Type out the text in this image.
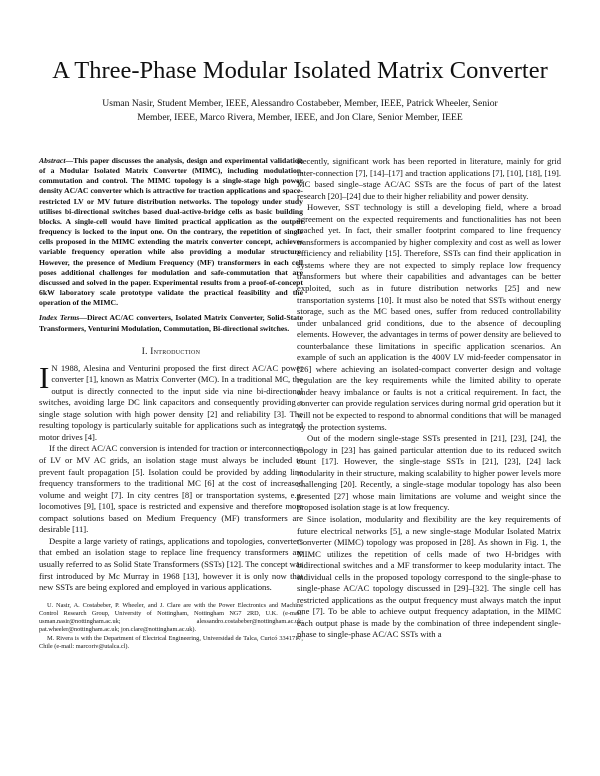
A Three-Phase Modular Isolated Matrix Converter
Usman Nasir, Student Member, IEEE, Alessandro Costabeber, Member, IEEE, Patrick Wheeler, Senior Member, IEEE, Marco Rivera, Member, IEEE, and Jon Clare, Senior Member, IEEE

Abstract—This paper discusses the analysis, design and experimental validation of a Modular Isolated Matrix Converter (MIMC), including modulation, commutation and control. The MIMC topology is a single-stage high power density AC/AC converter which is attractive for traction applications and space-restricted LV or MV future distribution networks. The topology under study utilises bi-directional switches based dual-active-bridge cells as basic building blocks. A single-cell would have limited practical application as the output frequency is locked to the input one. On the contrary, the repetition of single cells proposed in the MIMC extending the matrix converter concept, achieves variable frequency operation while also providing a modular structure. However, the presence of Medium Frequency (MF) transformers in each cell poses additional challenges for modulation and safe-commutation that are discussed and solved in the paper. Experimental results from a proof-of-concept 6kW laboratory scale prototype validate the practical feasibility and the operation of the MIMC.

Index Terms—Direct AC/AC converters, Isolated Matrix Converter, Solid-State Transformers, Venturini Modulation, Commutation, Bi-directional switches.

I. Introduction

I N 1988, Alesina and Venturini proposed the first direct AC/AC power converter [1], known as Matrix Converter (MC). In a traditional MC, the output is directly connected to the input side via nine bi-directional switches, avoiding large DC link capacitors and consequently providing a single stage solution with high power density [2] and reliability [3]. The resulting topology is particularly suitable for applications such as integrated motor drives [4].

If the direct AC/AC conversion is intended for traction or interconnection of LV or MV AC grids, an isolation stage must always be included to prevent fault propagation [5]. Isolation could be provided by adding line frequency transformers to the traditional MC [6] at the cost of increased volume and weight [7]. In city centres [8] or transportation systems, e.g. locomotives [9], [10], space is restricted and expensive and therefore more compact solutions based on Medium Frequency (MF) transformers are desirable [11].

Despite a large variety of ratings, applications and topologies, converters that embed an isolation stage to replace line frequency transformers are usually referred to as Solid State Transformers (SSTs) [12]. The concept was first introduced by Mc Murray in 1968 [13], however it is only now that new SSTs are being explored and employed in various applications.

U. Nasir, A. Costabeber, P. Wheeler, and J. Clare are with the Power Electronics and Machine Control Research Group, University of Nottingham, Nottingham NG7 2RD, U.K. (e-mail: usman.nasir@nottingham.ac.uk; alessandro.costabeber@nottingham.ac.uk; pat.wheeler@nottingham.ac.uk; jon.clare@nottingham.ac.uk).

M. Rivera is with the Department of Electrical Engineering, Universidad de Talca, Curicó 3341717, Chile (e-mail: marcoriv@utalca.cl).

Recently, significant work has been reported in literature, mainly for grid inter-connection [7], [14]–[17] and traction applications [7], [10], [18], [19]. MC based single–stage AC/AC SSTs are the focus of part of the latest research [20]–[24] due to their higher reliability and power density.

However, SST technology is still a developing field, where a broad agreement on the expected requirements and functionalities has not been reached yet. In fact, their smaller footprint compared to line frequency transformers is accompanied by higher complexity and cost as well as lower efficiency and reliability [15]. Therefore, SSTs can find their application in systems where they are not expected to simply replace low frequency transformers but where their capabilities and advantages can be better exploited, such as in future distribution networks [25] and new transportation systems [10]. It must also be noted that SSTs without energy storage, such as the MC based ones, suffer from reduced controllability under unbalanced grid conditions, due to the absence of decoupling elements. However, the advantages in terms of power density are believed to counterbalance these limitations in specific application scenarios. An example of such an application is the 400V LV mid-feeder compensator in [26] where achieving an isolated-compact converter design and voltage regulation are the key requirements while the limited ability to operate under heavy imbalance or faults is not a critical requirement. In fact, the converter can provide regulation services during normal grid operation but it will not be expected to respond to abnormal conditions that will be managed by the protection systems.

Out of the modern single-stage SSTs presented in [21], [23], [24], the topology in [23] has gained particular attention due to its reduced switch count [17]. However, the single-stage SSTs in [21], [23], [24] lack modularity in their structure, making scalability to higher power levels more challenging [20]. Recently, a single-stage modular topology has also been presented [27] whose main limitations are volume and weight since the proposed isolation stage is at low frequency.

Since isolation, modularity and flexibility are the key requirements of future electrical networks [5], a new single-stage Modular Isolated Matrix Converter (MIMC) topology was proposed in [28]. As shown in Fig. 1, the MIMC utilizes the repetition of cells made of two H-bridges with bidirectional switches and a MF transformer to keep modularity intact. The individual cells in the proposed topology correspond to the single-phase to single-phase AC/AC topology discussed in [29]–[32]. The single cell has restricted applications as the output frequency must always match the input one [7]. To be able to achieve output frequency adaptation, in the MIMC each output phase is made by the combination of three independent single-phase to single-phase AC/AC SSTs with a
